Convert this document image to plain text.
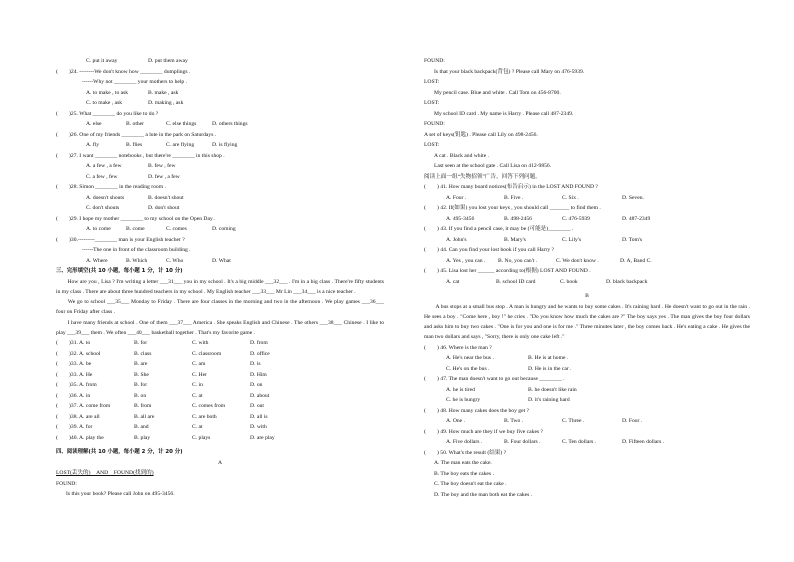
C. put it away	D. put them away
(　　)24. --------We don't know how ________ dumplings .
------Why not ________ your mothers to help .
A. to make , to ask	B. make , ask
C. to make , ask	D. making , ask
(　　)25. What ________ do you like to do ?
A. else	B. other	C. else things	D. others things
(　　)26. One of my friends ________ a lute in the park on Saturdays .
A. fly	B. flies	C. are flying	D. is flying
(　　)27. I want ________ notebooks , but there're ________ in this shop .
A. a few , a few	B. few , few
C. a few , few	D. few , a few
(　　)28. Simon ________ in the reading room .
A. doesn't shouts	B. doesn't shout
C. don't shouts	D. don't shout
(　　)29. I hope my mother ________ to my school on the Open Day .
A. to come	B. come	C. comes	D. coming
(　　)30.---------________ man is your English teacher ?
------The one in front of the classroom building .
A. Where	B. Which	C. Who	D. What
三、完形填空(共 10 小题，每小题 1 分，计 10 分)
　　How are you , Lisa ? I'm writing a letter ___31___ you in my school . It's a big middle ___32___ . I'm in a big class . There're fifty students in my class . There are about three hundred teachers in my school . My English teacher ___33___ Mr Lin ___34___ is a nice teacher .
　　We go to school ___35___ Monday to Friday . There are four classes in the morning and two in the afternoon . We play games ___36___ four on Friday after class .
　　I have many friends at school . One of them ___37___ America . She speaks English and Chinese . The others ___38___ Chinese . I like to play ___39___ them . We often ___40___ basketball together . That's my favorite game .
(　　)31. A. to	B. for	C. with	D. from
(　　)32. A. school	B. class	C. classroom	D. office
(　　)33. A. be	B. are	C. am	D. is
(　　)33. A. He	B. She	C. Her	D. Him
(　　)35. A. from	B. for	C. in	D. on
(　　)36. A. in	B. on	C. at	D. about
(　　)37. A. come from	B. from	C. comes from	D. out
(　　)38. A. are all	B. all are	C. are both	D. all is
(　　)39. A. for	B. and	C. at	D. with
(　　)40. A. play the	B. play	C. plays	D. are play
四、阅读理解(共 10 小题，每小题 2 分，计 20 分)
A
LOST(丢失的)　AND　FOUND(找到的)
FOUND:
Is this your book? Please call John on 495-3456.
FOUND:
Is that your black backpack(背包) ? Please call Mary on 476-5939.
LOST:
My pencil case. Blue and white . Call Tom on 456-8700.
LOST:
My school ID card . My name is Harry . Please call 487-2349.
FOUND:
A set of keys(钥匙) . Please call Lily on 498-2456.
LOST:
A cat . Black and white .
Last seen at the school gate . Call Lisa on 412-9856.
阅读上面一组“失物招领”广告，回答下列问题。
(　　) 41. How many board notices(布告启示) in the LOST AND FOUND ?
A. Four .	B. Five .	C. Six .	D. Seven.
(　　) 42. If(如果) you lost your keys , you should call _______ to find them .
A. 495-3456	B. 498-2456	C. 476-5939	D. 487-2349
(　　) 43. If you find a pencil case, it may be (可能是)________ .
A. John's	B. Mary's	C. Lily's	D. Tom's
(　　) 44. Can you find your lost book if you call Harry ?
A. Yes , you can .	B. No, you can't .	C. We don't know .	D. A, Band C.
(　　) 45. Lisa lost her ______ according to(根据) LOST AND FOUND .
A. cat	B. school ID card	C. book	D. black backpack
B
　　A bus stops at a small bus stop . A man is hungry and he wants to buy some cakes . It's raining hard . He doesn't want to go out in the rain . He sees a boy . "Come here , boy !" he cries . "Do you know how much the cakes are ?" The boy says yes . The man gives the boy four dollars and asks him to buy two cakes . "One is for you and one is for me ." Three minutes later , the boy comes back . He's eating a cake . He gives the man two dollars and says , "Sorry, there is only one cake left ."
(　　) 46. Where is the man ?
A. He's near the bus .	B. He is at home .
C. He's on the bus .	D. He is in the car .
(　　) 47. The man doesn't want to go out because ________ .
A. he is tired	B. he doesn't like rain
C. he is hungry	D. it's raining hard
(　　) 48. How many cakes does the boy get ?
A. One .	B. Two .	C. Three .	D. Four .
(　　) 49. How much are they if we buy five cakes ?
A. Five dollars .	B. Four dollars .	C. Ten dollars .	D. Fifteen dollars .
(　　) 50. What's the result (结果) ?
A. The man eats the cake.
B. The boy eats the cakes .
C. The boy doesn't eat the cake .
D. The boy and the man both eat the cakes .
